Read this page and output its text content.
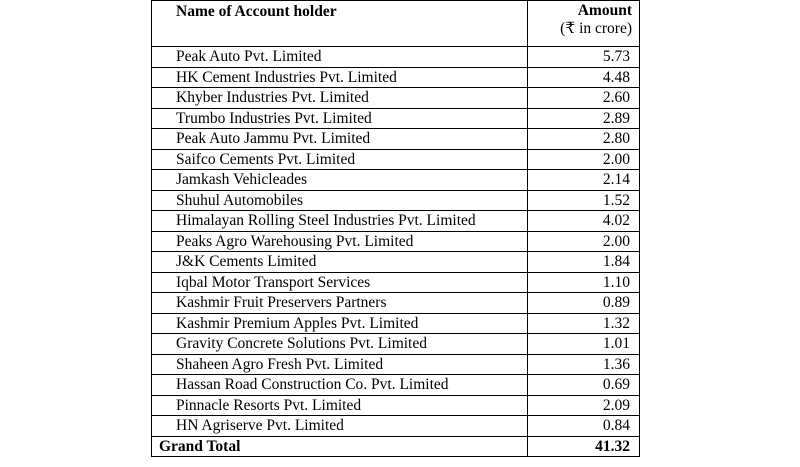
Name of Account holder	Amount
(₹ in crore)

Peak Auto Pvt. Limited	5.73
HK Cement Industries Pvt. Limited	4.48
Khyber Industries Pvt. Limited	2.60
Trumbo Industries Pvt. Limited	2.89
Peak Auto Jammu Pvt. Limited	2.80
Saifco Cements Pvt. Limited	2.00
Jamkash Vehicleades	2.14
Shuhul Automobiles	1.52
Himalayan Rolling Steel Industries Pvt. Limited	4.02
Peaks Agro Warehousing Pvt. Limited	2.00
J&K Cements Limited	1.84
Iqbal Motor Transport Services	1.10
Kashmir Fruit Preservers Partners	0.89
Kashmir Premium Apples Pvt. Limited	1.32
Gravity Concrete Solutions Pvt. Limited	1.01
Shaheen Agro Fresh Pvt. Limited	1.36
Hassan Road Construction Co. Pvt. Limited	0.69
Pinnacle Resorts Pvt. Limited	2.09
HN Agriserve Pvt. Limited	0.84
Grand Total	41.32
